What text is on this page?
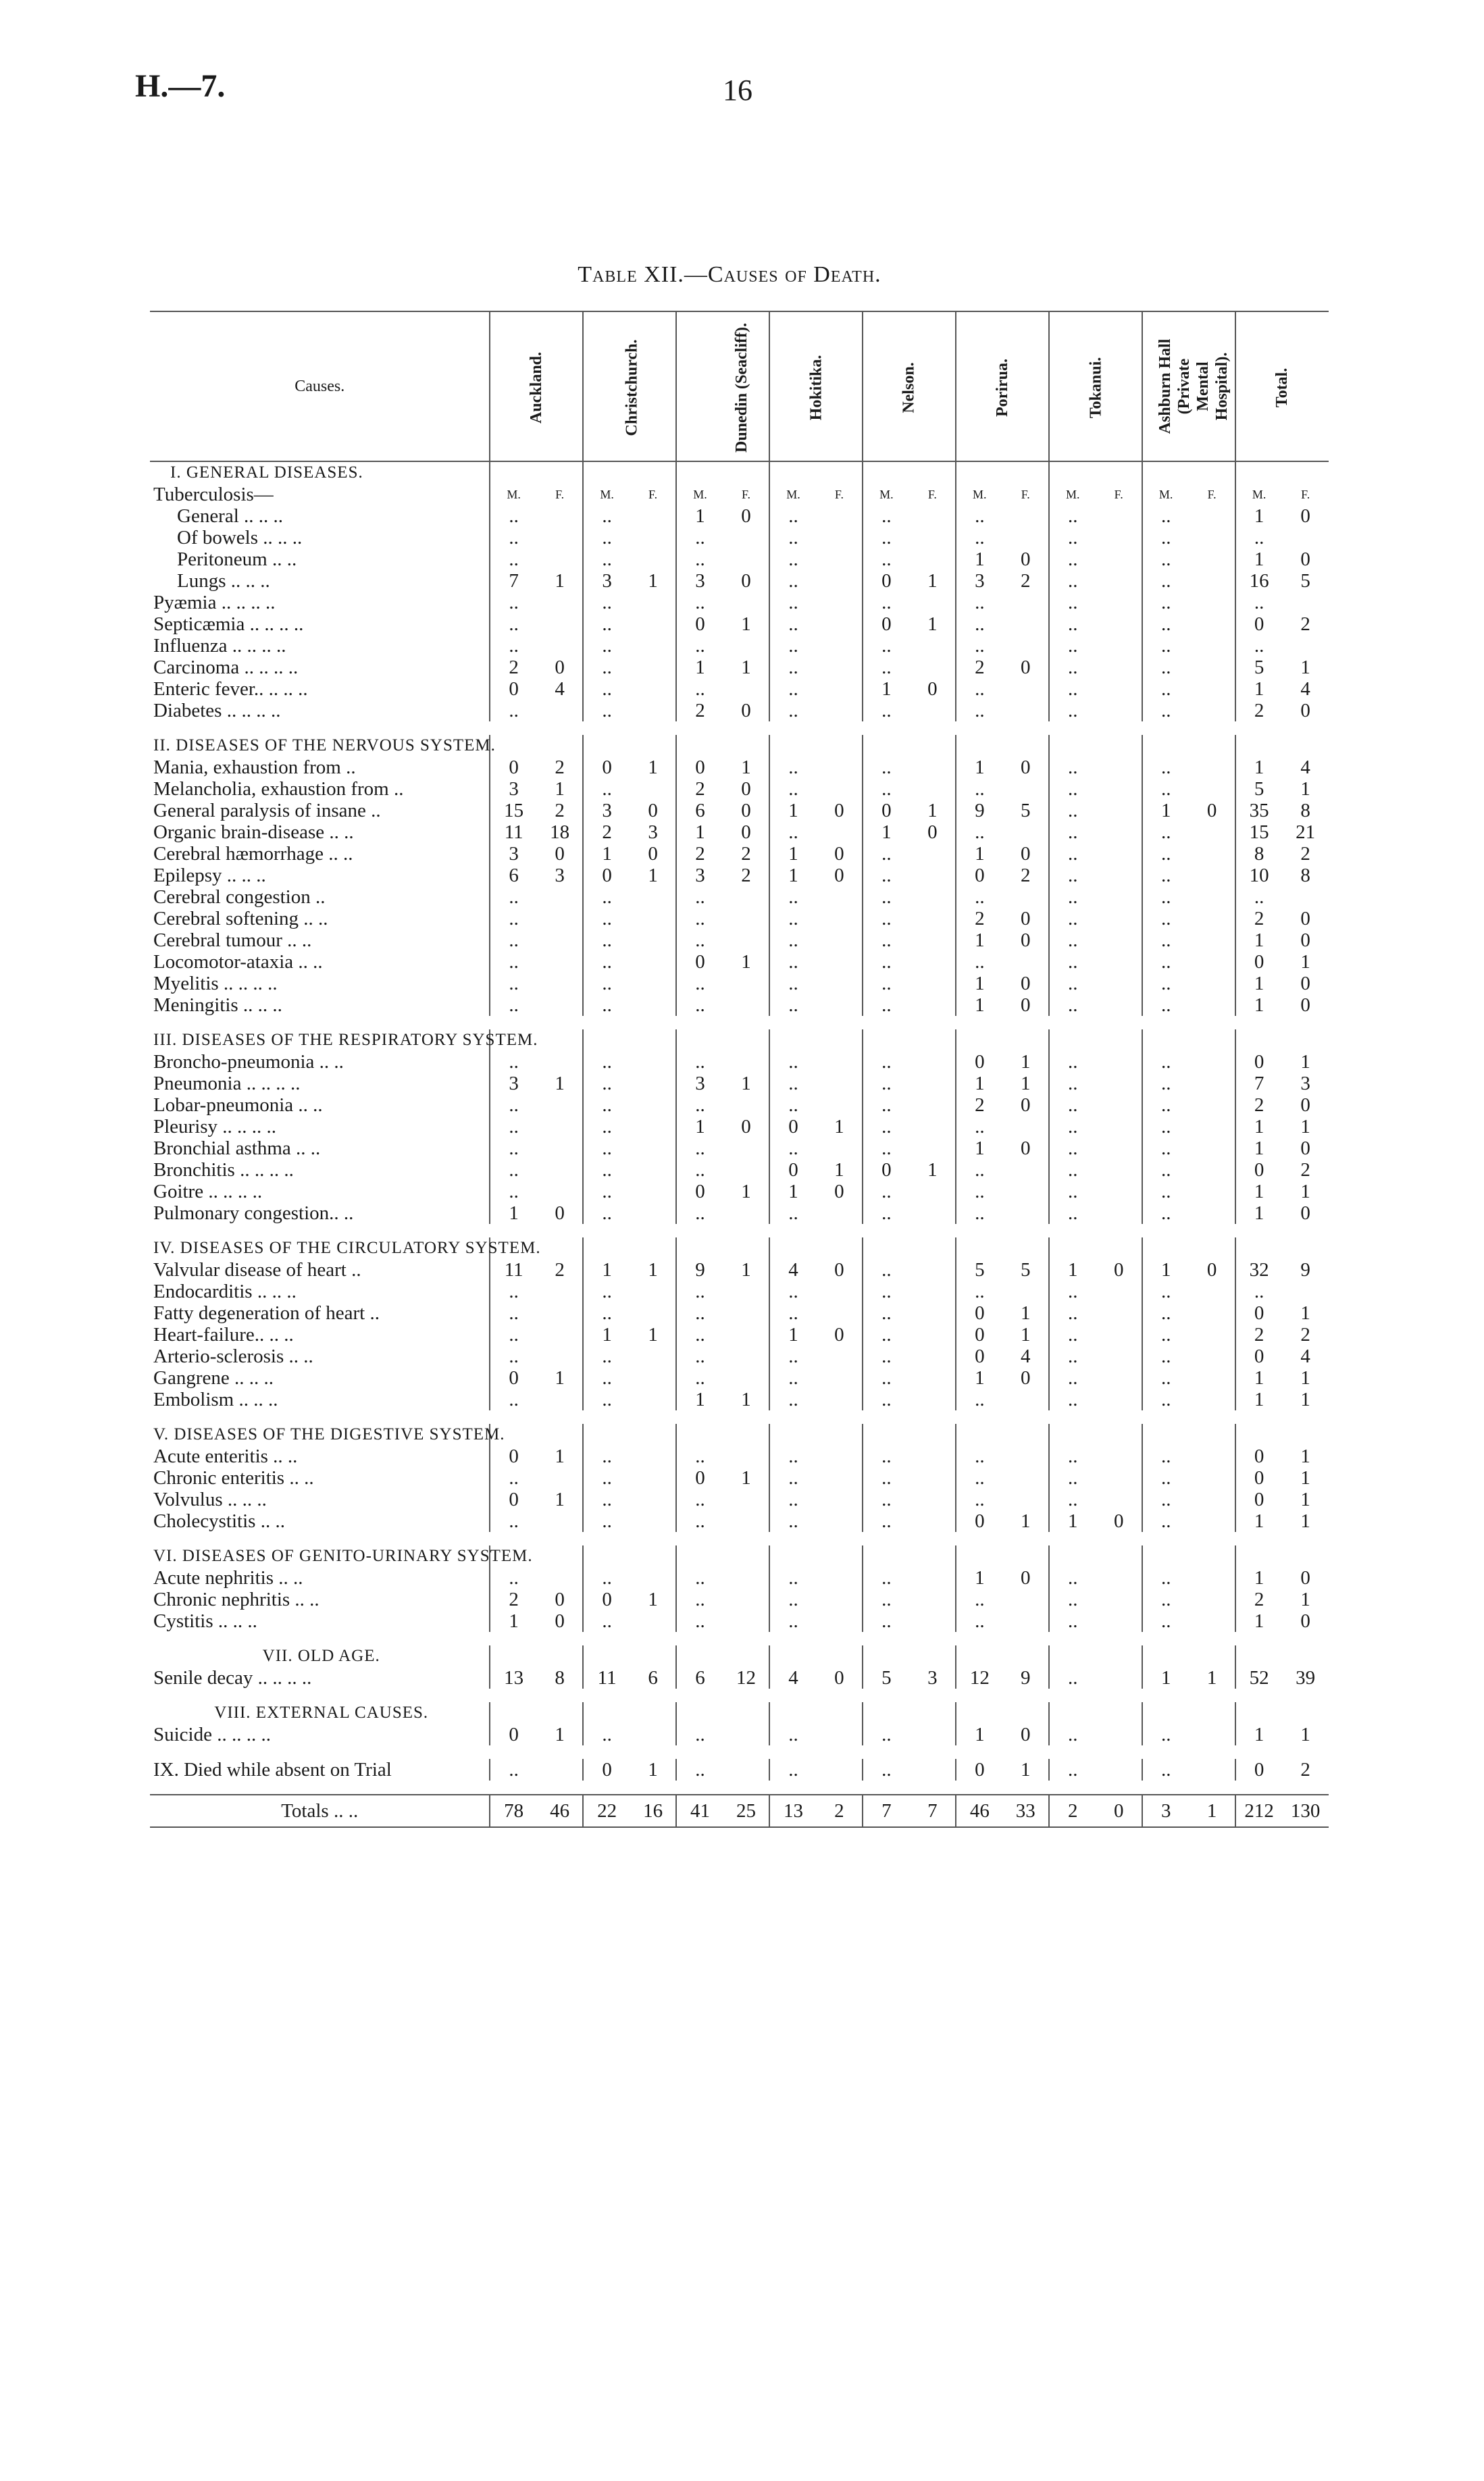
H.—7.	16
Table XII.—Causes of Death.
Causes.	Auckland.		Christchurch.		Dunedin (Seacliff).		Hokitika.		Nelson.		Porirua.		Tokanui.		Ashburn Hall (Private Mental Hospital).		Total.	
I. GENERAL DISEASES.																		
Tuberculosis—	M.	F.	M.	F.	M.	F.	M.	F.	M.	F.	M.	F.	M.	F.	M.	F.	M.	F.
General .. .. ..	..		..		1	0	..		..		..		..		..		1	0
Of bowels .. .. ..	..		..		..		..		..		..		..		..		..	
Peritoneum .. ..	..		..		..		..		..		1	0	..		..		1	0
Lungs .. .. ..	7	1	3	1	3	0	..		0	1	3	2	..		..		16	5
Pyæmia .. .. .. ..	..		..		..		..		..		..		..		..		..	
Septicæmia .. .. .. ..	..		..		0	1	..		0	1	..		..		..		0	2
Influenza .. .. .. ..	..		..		..		..		..		..		..		..		..	
Carcinoma .. .. .. ..	2	0	..		1	1	..		..		2	0	..		..		5	1
Enteric fever.. .. .. ..	0	4	..		..		..		1	0	..		..		..		1	4
Diabetes .. .. .. ..	..		..		2	0	..		..		..		..		..		2	0

II. DISEASES OF THE NERVOUS SYSTEM.																		
Mania, exhaustion from ..	0	2	0	1	0	1	..		..		1	0	..		..		1	4
Melancholia, exhaustion from ..	3	1	..		2	0	..		..		..		..		..		5	1
General paralysis of insane ..	15	2	3	0	6	0	1	0	0	1	9	5	..		1	0	35	8
Organic brain-disease .. ..	11	18	2	3	1	0	..		1	0	..		..		..		15	21
Cerebral hæmorrhage .. ..	3	0	1	0	2	2	1	0	..		1	0	..		..		8	2
Epilepsy .. .. ..	6	3	0	1	3	2	1	0	..		0	2	..		..		10	8
Cerebral congestion ..	..		..		..		..		..		..		..		..		..	
Cerebral softening .. ..	..		..		..		..		..		2	0	..		..		2	0
Cerebral tumour .. ..	..		..		..		..		..		1	0	..		..		1	0
Locomotor-ataxia .. ..	..		..		0	1	..		..		..		..		..		0	1
Myelitis .. .. .. ..	..		..		..		..		..		1	0	..		..		1	0
Meningitis .. .. ..	..		..		..		..		..		1	0	..		..		1	0

III. DISEASES OF THE RESPIRATORY SYSTEM.																		
Broncho-pneumonia .. ..	..		..		..		..		..		0	1	..		..		0	1
Pneumonia .. .. .. ..	3	1	..		3	1	..		..		1	1	..		..		7	3
Lobar-pneumonia .. ..	..		..		..		..		..		2	0	..		..		2	0
Pleurisy .. .. .. ..	..		..		1	0	0	1	..		..		..		..		1	1
Bronchial asthma .. ..	..		..		..		..		..		1	0	..		..		1	0
Bronchitis .. .. .. ..	..		..		..		0	1	0	1	..		..		..		0	2
Goitre .. .. .. ..	..		..		0	1	1	0	..		..		..		..		1	1
Pulmonary congestion.. ..	1	0	..		..		..		..		..		..		..		1	0

IV. DISEASES OF THE CIRCULATORY SYSTEM.																		
Valvular disease of heart ..	11	2	1	1	9	1	4	0	..		5	5	1	0	1	0	32	9
Endocarditis .. .. ..	..		..		..		..		..		..		..		..		..	
Fatty degeneration of heart ..	..		..		..		..		..		0	1	..		..		0	1
Heart-failure.. .. ..	..		1	1	..		1	0	..		0	1	..		..		2	2
Arterio-sclerosis .. ..	..		..		..		..		..		0	4	..		..		0	4
Gangrene .. .. ..	0	1	..		..		..		..		1	0	..		..		1	1
Embolism .. .. ..	..		..		1	1	..		..		..		..		..		1	1

V. DISEASES OF THE DIGESTIVE SYSTEM.																		
Acute enteritis .. ..	0	1	..		..		..		..		..		..		..		0	1
Chronic enteritis .. ..	..		..		0	1	..		..		..		..		..		0	1
Volvulus .. .. ..	0	1	..		..		..		..		..		..		..		0	1
Cholecystitis .. ..	..		..		..		..		..		0	1	1	0	..		1	1

VI. DISEASES OF GENITO-URINARY SYSTEM.																		
Acute nephritis .. ..	..		..		..		..		..		1	0	..		..		1	0
Chronic nephritis .. ..	2	0	0	1	..		..		..		..		..		..		2	1
Cystitis .. .. ..	1	0	..		..		..		..		..		..		..		1	0

VII. OLD AGE.																		
Senile decay .. .. .. ..	13	8	11	6	6	12	4	0	5	3	12	9	..		1	1	52	39

VIII. EXTERNAL CAUSES.																		
Suicide .. .. .. ..	0	1	..		..		..		..		1	0	..		..		1	1

IX. Died while absent on Trial	..		0	1	..		..		..		0	1	..		..		0	2

Totals .. ..	78	46	22	16	41	25	13	2	7	7	46	33	2	0	3	1	212	130
